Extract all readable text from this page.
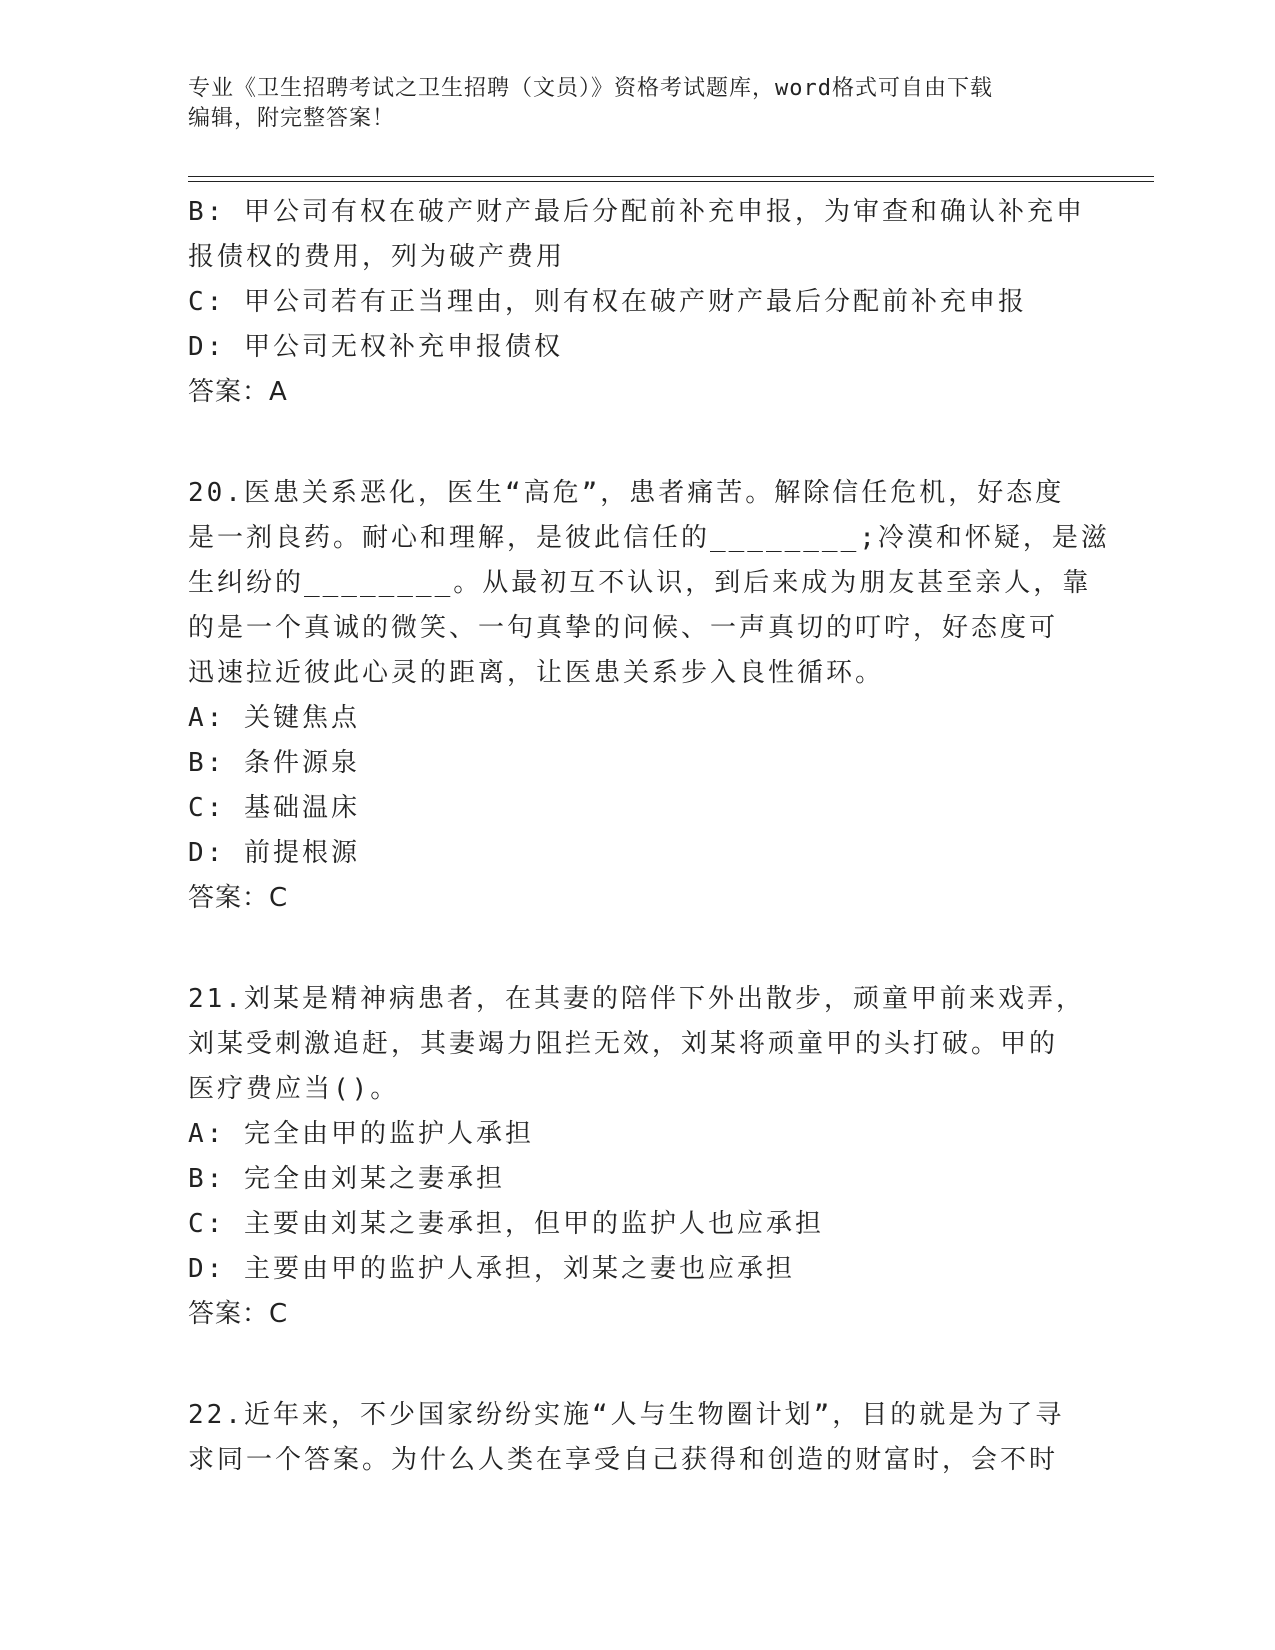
专业《卫生招聘考试之卫生招聘（文员）》资格考试题库，word格式可自由下载
编辑，附完整答案！
B: 甲公司有权在破产财产最后分配前补充申报，为审查和确认补充申
报债权的费用，列为破产费用
C: 甲公司若有正当理由，则有权在破产财产最后分配前补充申报
D: 甲公司无权补充申报债权
答案：A
20.医患关系恶化，医生“高危”，患者痛苦。解除信任危机，好态度
是一剂良药。耐心和理解，是彼此信任的________;冷漠和怀疑，是滋
生纠纷的________。从最初互不认识，到后来成为朋友甚至亲人，靠
的是一个真诚的微笑、一句真挚的问候、一声真切的叮咛，好态度可
迅速拉近彼此心灵的距离，让医患关系步入良性循环。
A: 关键焦点
B: 条件源泉
C: 基础温床
D: 前提根源
答案：C
21.刘某是精神病患者，在其妻的陪伴下外出散步，顽童甲前来戏弄，
刘某受刺激追赶，其妻竭力阻拦无效，刘某将顽童甲的头打破。甲的
医疗费应当()。
A: 完全由甲的监护人承担
B: 完全由刘某之妻承担
C: 主要由刘某之妻承担，但甲的监护人也应承担
D: 主要由甲的监护人承担，刘某之妻也应承担
答案：C
22.近年来，不少国家纷纷实施“人与生物圈计划”，目的就是为了寻
求同一个答案。为什么人类在享受自己获得和创造的财富时，会不时
